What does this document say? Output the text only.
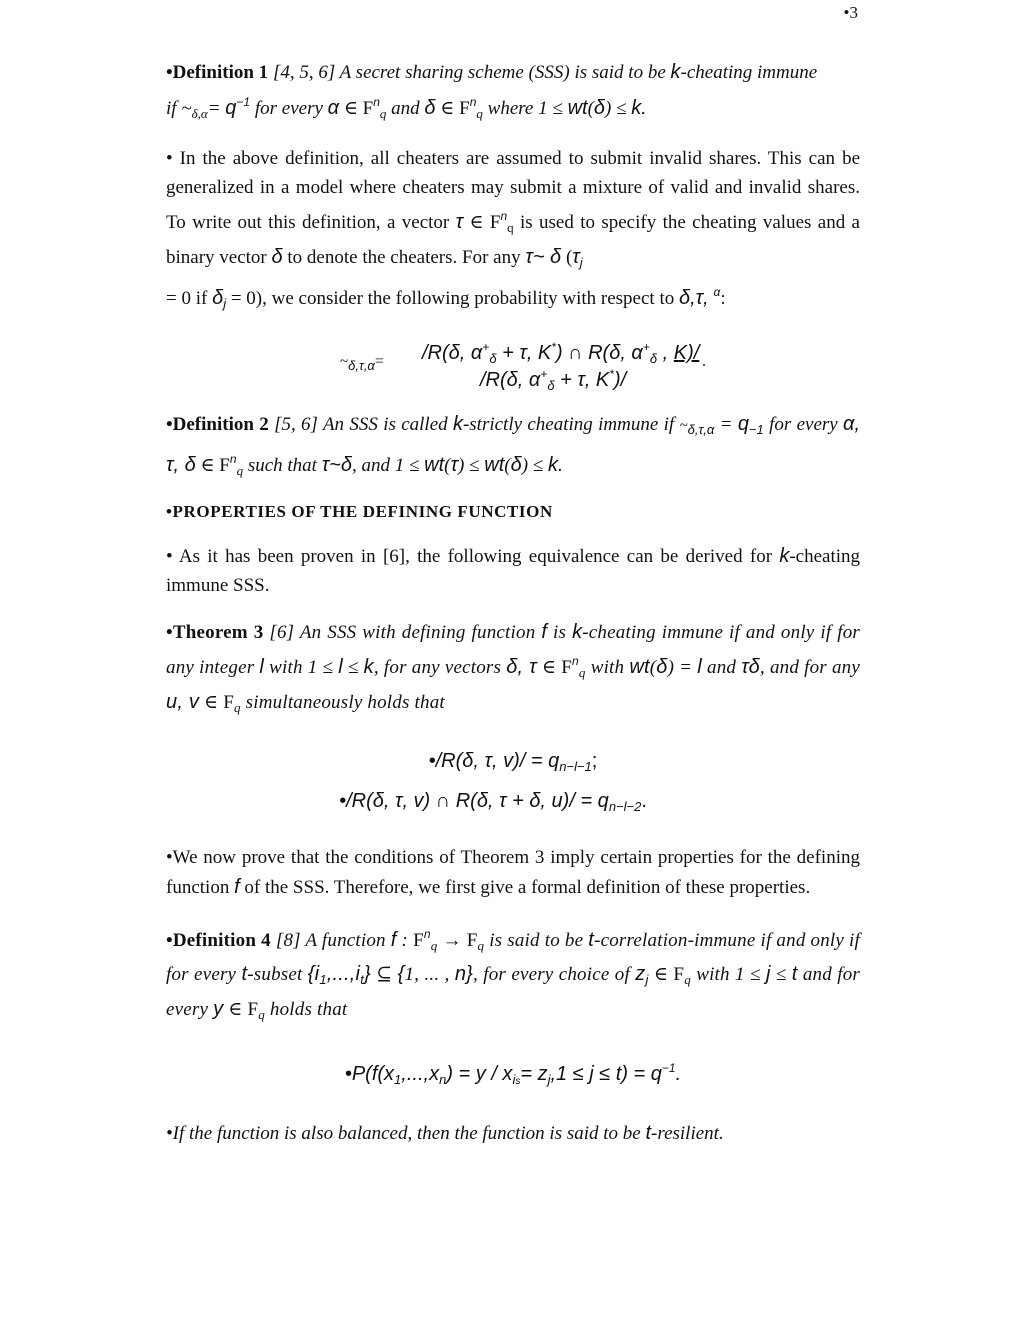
•3

•Definition 1 [4, 5, 6] A secret sharing scheme (SSS) is said to be k-cheating immune
if $\sim_{\delta,\alpha}= q^{-1}$ for every α ∈ $F^n_q$ and δ ∈ $F^n_q$ where 1 ≤ wt(δ) ≤ k.

• In the above definition, all cheaters are assumed to submit invalid shares. This can be generalized in a model where cheaters may submit a mixture of valid and invalid shares. To write out this definition, a vector τ ∈ $F^n_q$ is used to specify the cheating values and a binary vector δ to denote the cheaters. For any τ~ δ ($\tau_j$
= 0 if $\delta_j = 0$), we consider the following probability with respect to δ,τ, $^\alpha$:

$\sim_{\delta,\tau,\alpha}= /R(\delta$, $\alpha^+_\delta + \tau$, K*) ∩ R(δ, $\alpha^+_\delta$ , K)/
/R(δ, $\alpha^+_\delta + \tau$, K*)/
.

•Definition 2 [5, 6] An SSS is called k-strictly cheating immune if $\sim_{\delta,\tau,\alpha} = q_{-1}$ for every α, τ, δ ∈ $F^n_q$ such that τ~δ, and 1 ≤ wt(τ) ≤ wt(δ) ≤ k.

•PROPERTIES OF THE DEFINING FUNCTION

• As it has been proven in [6], the following equivalence can be derived for k-cheating immune SSS.

•Theorem 3 [6] An SSS with defining function f is k-cheating immune if and only if for any integer l with 1 ≤ l ≤ k, for any vectors δ, τ ∈ $F^n_q$ with wt(δ) = l and τδ, and for any u, v ∈ $F_q$ simultaneously holds that

•/R(δ, τ, $v)/ = q_{n-l-1}$;

•/R(δ, τ, v) ∩ R(δ, τ + δ, $u)/ = q_{n-l-2}$.

•We now prove that the conditions of Theorem 3 imply certain properties for the defining function f of the SSS. Therefore, we first give a formal definition of these properties.

•Definition 4 [8] A function f : $F^n_q \to F_q$ is said to be t-correlation-immune if and only if for every t-subset $\{i_1,...,i_t\}$ ⊆ {1, ... , n}, for every choice of $z_j$ ∈ $F_q$ with 1 ≤ j ≤ t and for every y ∈ $F_q$ holds that

$•P(f(x_1,...,x_n) = y / x_{is}= z_j,1 \le j \le t) = q^{-1}$.

•If the function is also balanced, then the function is said to be t-resilient.
